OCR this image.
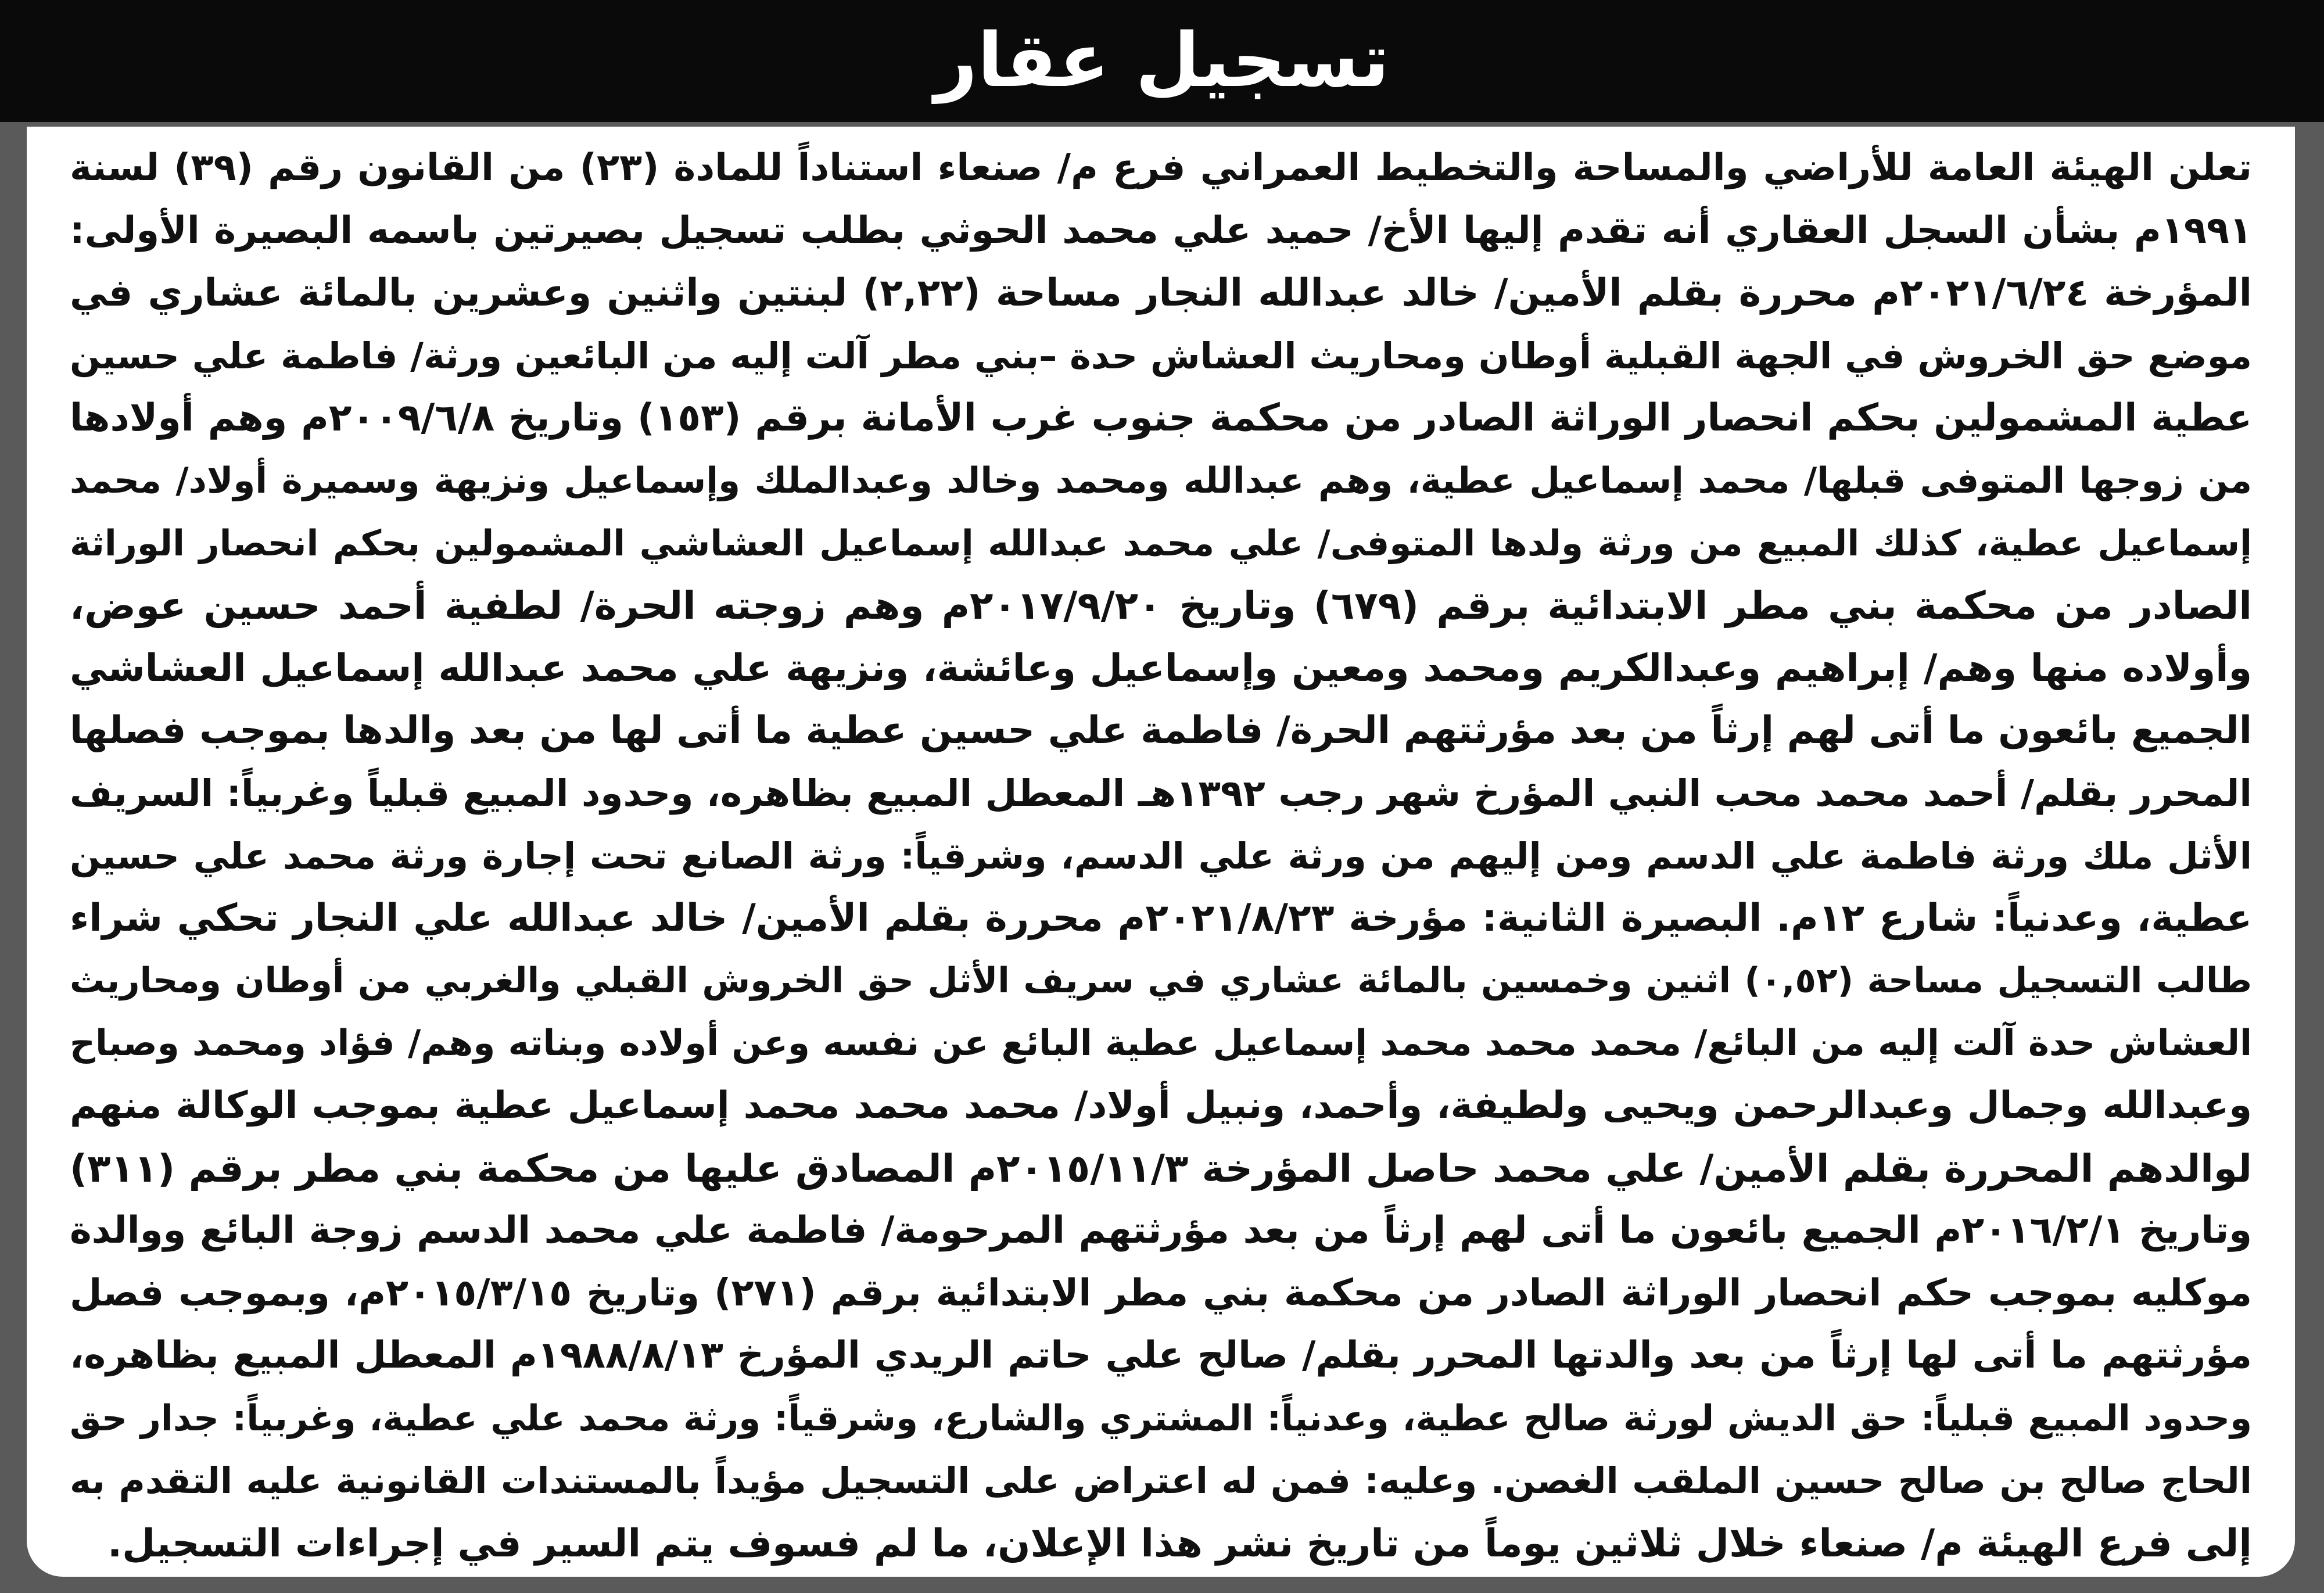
تسجيل عقار

تعلن الهيئة العامة للأراضي والمساحة والتخطيط العمراني فرع م/ صنعاء استناداً للمادة (٢٣) من القانون رقم (٣٩) لسنة
١٩٩١م بشأن السجل العقاري أنه تقدم إليها الأخ/ حميد علي محمد الحوثي بطلب تسجيل بصيرتين باسمه البصيرة الأولى:
المؤرخة ٢٠٢١/٦/٢٤م محررة بقلم الأمين/ خالد عبدالله النجار مساحة (٢,٢٢) لبنتين واثنين وعشرين بالمائة عشاري في
موضع حق الخروش في الجهة القبلية أوطان ومحاريث العشاش حدة –بني مطر آلت إليه من البائعين ورثة/ فاطمة علي حسين
عطية المشمولين بحكم انحصار الوراثة الصادر من محكمة جنوب غرب الأمانة برقم (١٥٣) وتاريخ ٢٠٠٩/٦/٨م وهم أولادها
من زوجها المتوفى قبلها/ محمد إسماعيل عطية، وهم عبدالله ومحمد وخالد وعبدالملك وإسماعيل ونزيهة وسميرة أولاد/ محمد
إسماعيل عطية، كذلك المبيع من ورثة ولدها المتوفى/ علي محمد عبدالله إسماعيل العشاشي المشمولين بحكم انحصار الوراثة
الصادر من محكمة بني مطر الابتدائية برقم (٦٧٩) وتاريخ ٢٠١٧/٩/٢٠م وهم زوجته الحرة/ لطفية أحمد حسين عوض،
وأولاده منها وهم/ إبراهيم وعبدالكريم ومحمد ومعين وإسماعيل وعائشة، ونزيهة علي محمد عبدالله إسماعيل العشاشي
الجميع بائعون ما أتى لهم إرثاً من بعد مؤرثتهم الحرة/ فاطمة علي حسين عطية ما أتى لها من بعد والدها بموجب فصلها
المحرر بقلم/ أحمد محمد محب النبي المؤرخ شهر رجب ١٣٩٢هـ المعطل المبيع بظاهره، وحدود المبيع قبلياً وغربياً: السريف
الأثل ملك ورثة فاطمة علي الدسم ومن إليهم من ورثة علي الدسم، وشرقياً: ورثة الصانع تحت إجارة ورثة محمد علي حسين
عطية، وعدنياً: شارع ١٢م. البصيرة الثانية: مؤرخة ٢٠٢١/٨/٢٣م محررة بقلم الأمين/ خالد عبدالله علي النجار تحكي شراء
طالب التسجيل مساحة (٠,٥٢) اثنين وخمسين بالمائة عشاري في سريف الأثل حق الخروش القبلي والغربي من أوطان ومحاريث
العشاش حدة آلت إليه من البائع/ محمد محمد محمد إسماعيل عطية البائع عن نفسه وعن أولاده وبناته وهم/ فؤاد ومحمد وصباح
وعبدالله وجمال وعبدالرحمن ويحيى ولطيفة، وأحمد، ونبيل أولاد/ محمد محمد محمد إسماعيل عطية بموجب الوكالة منهم
لوالدهم المحررة بقلم الأمين/ علي محمد حاصل المؤرخة ٢٠١٥/١١/٣م المصادق عليها من محكمة بني مطر برقم (٣١١)
وتاريخ ٢٠١٦/٢/١م الجميع بائعون ما أتى لهم إرثاً من بعد مؤرثتهم المرحومة/ فاطمة علي محمد الدسم زوجة البائع ووالدة
موكليه بموجب حكم انحصار الوراثة الصادر من محكمة بني مطر الابتدائية برقم (٢٧١) وتاريخ ٢٠١٥/٣/١٥م، وبموجب فصل
مؤرثتهم ما أتى لها إرثاً من بعد والدتها المحرر بقلم/ صالح علي حاتم الريدي المؤرخ ١٩٨٨/٨/١٣م المعطل المبيع بظاهره،
وحدود المبيع قبلياً: حق الديش لورثة صالح عطية، وعدنياً: المشتري والشارع، وشرقياً: ورثة محمد علي عطية، وغربياً: جدار حق
الحاج صالح بن صالح حسين الملقب الغصن. وعليه: فمن له اعتراض على التسجيل مؤيداً بالمستندات القانونية عليه التقدم به
إلى فرع الهيئة م/ صنعاء خلال ثلاثين يوماً من تاريخ نشر هذا الإعلان، ما لم فسوف يتم السير في إجراءات التسجيل.
